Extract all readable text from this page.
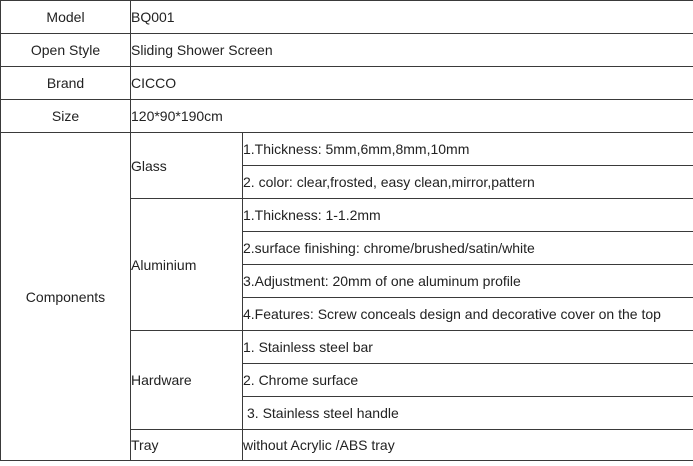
Model	BQ001	
Open Style	Sliding Shower Screen	
Brand	CICCO	
Size	120*90*190cm	
Components	Glass	1.Thickness: 5mm,6mm,8mm,10mm
		2. color: clear,frosted, easy clean,mirror,pattern
	Aluminium	1.Thickness: 1-1.2mm
		2.surface finishing: chrome/brushed/satin/white
		3.Adjustment: 20mm of one aluminum profile
		4.Features: Screw conceals design and decorative cover on the top
	Hardware	1. Stainless steel bar
		2. Chrome surface
		3. Stainless steel handle
	Tray	without Acrylic /ABS tray
